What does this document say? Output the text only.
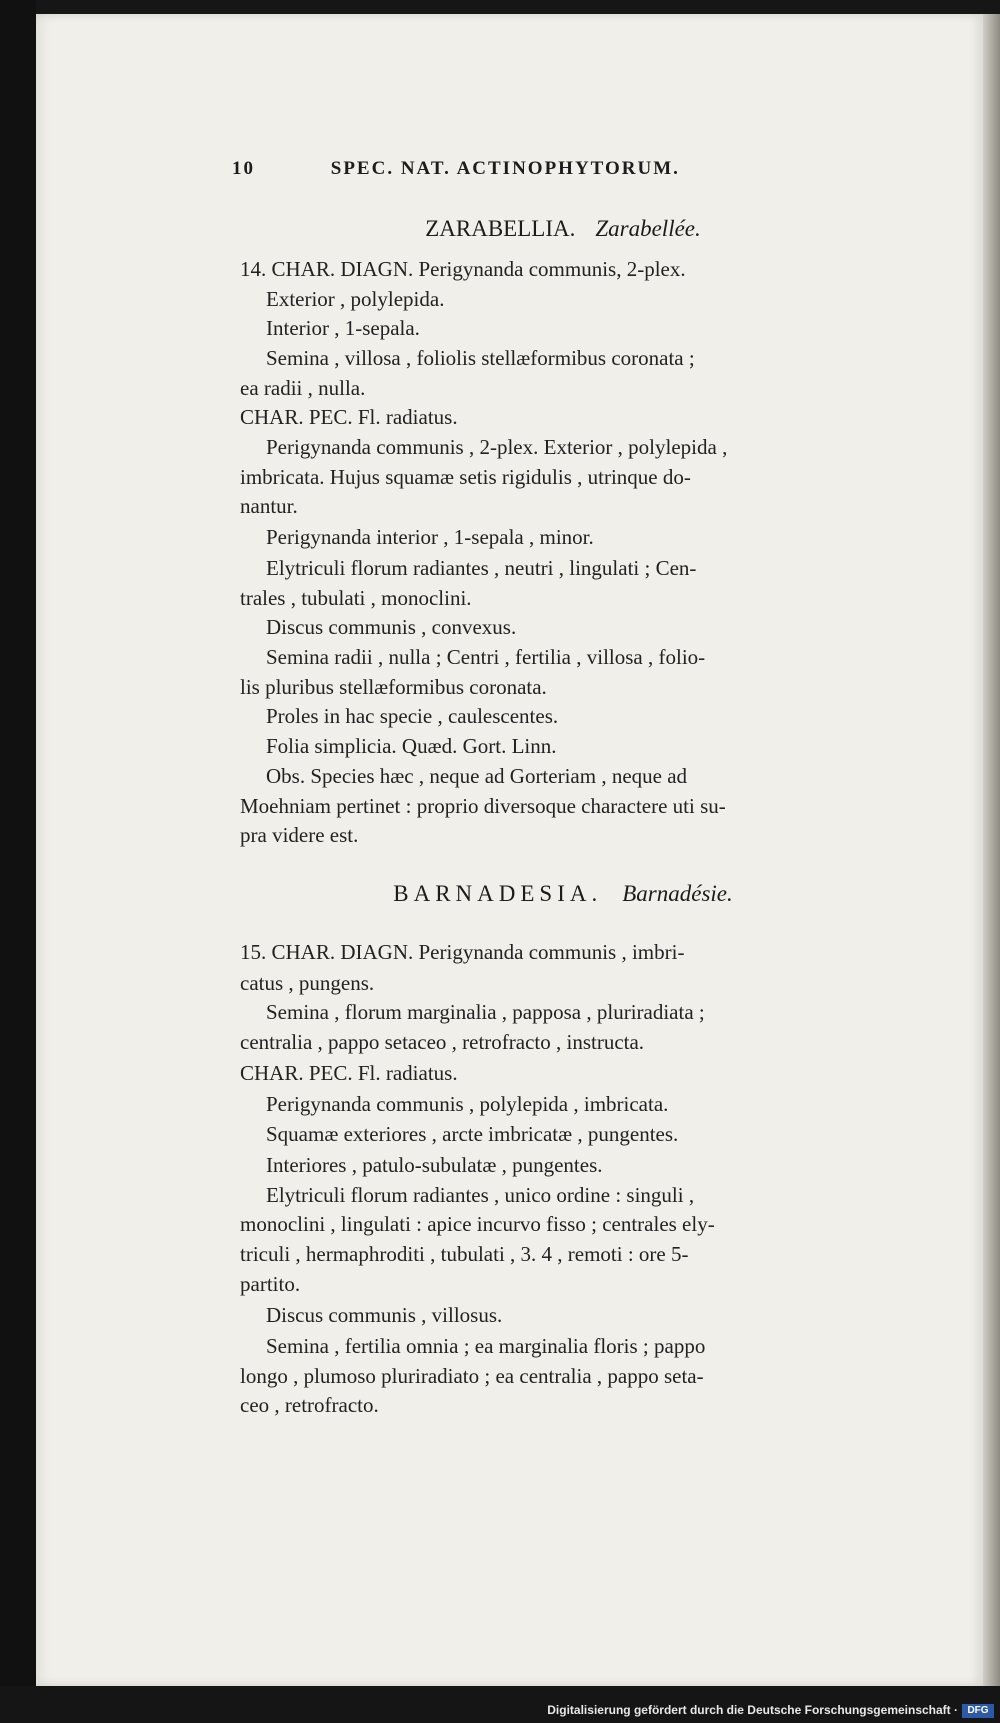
10	SPEC. NAT. ACTINOPHYTORUM.
ZARABELLIA. Zarabellée.
14. CHAR. DIAGN. Perigynanda communis, 2-plex.
Exterior , polylepida.
Interior , 1-sepala.
Semina , villosa , foliolis stellæformibus coronata ;
ea radii , nulla.
CHAR. PEC. Fl. radiatus.
Perigynanda communis , 2-plex. Exterior , polylepida ,
imbricata. Hujus squamæ setis rigidulis , utrinque do-
nantur.
Perigynanda interior , 1-sepala , minor.
Elytriculi florum radiantes , neutri , lingulati ; Cen-
trales , tubulati , monoclini.
Discus communis , convexus.
Semina radii , nulla ; Centri , fertilia , villosa , folio-
lis pluribus stellæformibus coronata.
Proles in hac specie , caulescentes.
Folia simplicia. Quæd. Gort. Linn.
Obs. Species hæc , neque ad Gorteriam , neque ad
Moehniam pertinet : proprio diversoque charactere uti su-
pra videre est.
BARNADESIA. Barnadésie.
15. CHAR. DIAGN. Perigynanda communis , imbri-
catus , pungens.
Semina , florum marginalia , papposa , pluriradiata ;
centralia , pappo setaceo , retrofracto , instructa.
CHAR. PEC. Fl. radiatus.
Perigynanda communis , polylepida , imbricata.
Squamæ exteriores , arcte imbricatæ , pungentes.
Interiores , patulo-subulatæ , pungentes.
Elytriculi florum radiantes , unico ordine : singuli ,
monoclini , lingulati : apice incurvo fisso ; centrales ely-
triculi , hermaphroditi , tubulati , 3. 4 , remoti : ore 5-
partito.
Discus communis , villosus.
Semina , fertilia omnia ; ea marginalia floris ; pappo
longo , plumoso pluriradiato ; ea centralia , pappo seta-
ceo , retrofracto.
Digitalisierung gefördert durch die Deutsche Forschungsgemeinschaft · DFG
